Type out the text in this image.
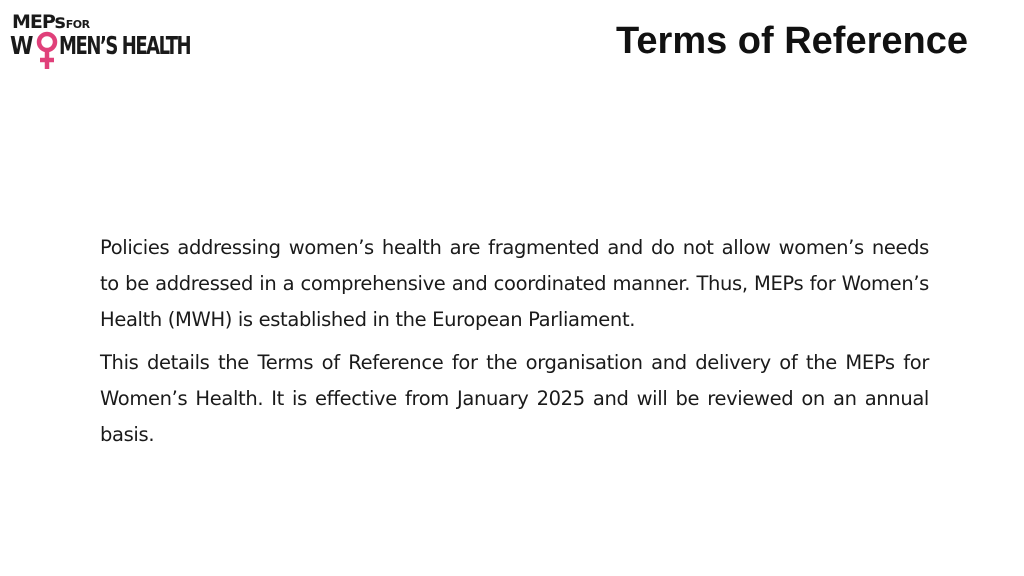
MEPs FOR
W MEN’S HEALTH	Terms of Reference

Policies addressing women’s health are fragmented and do not allow women’s needs to be addressed in a comprehensive and coordinated manner. Thus, MEPs for Women’s Health (MWH) is established in the European Parliament.

This details the Terms of Reference for the organisation and delivery of the MEPs for Women’s Health. It is effective from January 2025 and will be reviewed on an annual basis.
